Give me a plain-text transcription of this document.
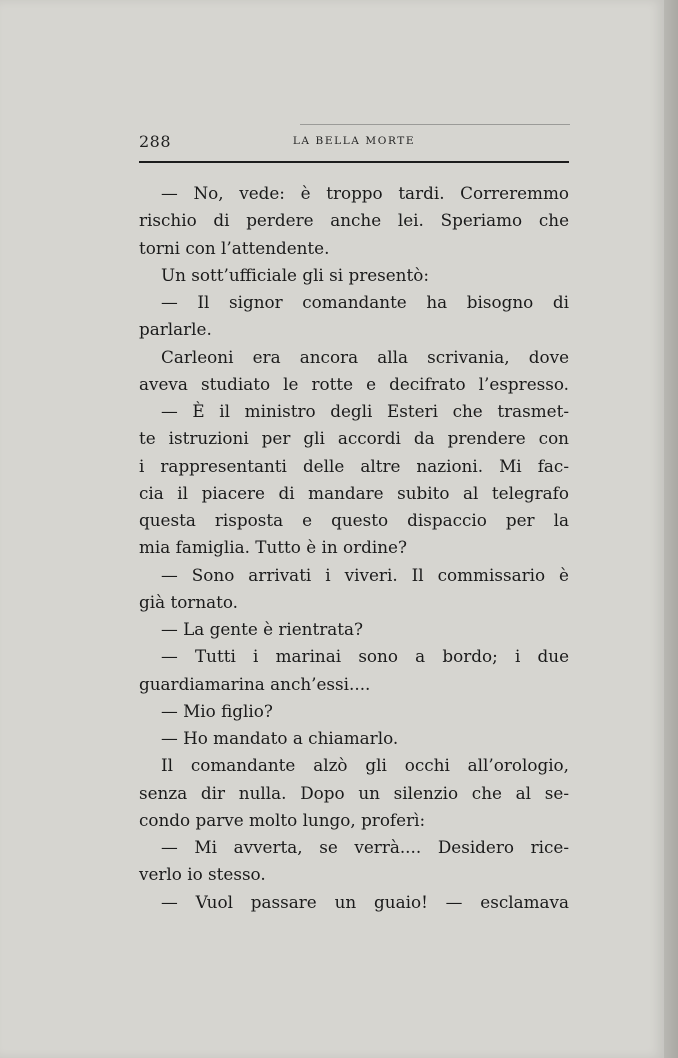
288	LA BELLA MORTE
— No, vede: è troppo tardi. Correremmo
rischio di perdere anche lei. Speriamo che
torni con l’attendente.
Un sott’ufficiale gli si presentò:
— Il signor comandante ha bisogno di
parlarle.
Carleoni era ancora alla scrivania, dove
aveva studiato le rotte e decifrato l’espresso.
— È il ministro degli Esteri che trasmet-
te istruzioni per gli accordi da prendere con
i rappresentanti delle altre nazioni. Mi fac-
cia il piacere di mandare subito al telegrafo
questa risposta e questo dispaccio per la
mia famiglia. Tutto è in ordine?
— Sono arrivati i viveri. Il commissario è
già tornato.
— La gente è rientrata?
— Tutti i marinai sono a bordo; i due
guardiamarina anch’essi....
— Mio figlio?
— Ho mandato a chiamarlo.
Il comandante alzò gli occhi all’orologio,
senza dir nulla. Dopo un silenzio che al se-
condo parve molto lungo, proferì:
— Mi avverta, se verrà.... Desidero rice-
verlo io stesso.
— Vuol passare un guaio! — esclamava
